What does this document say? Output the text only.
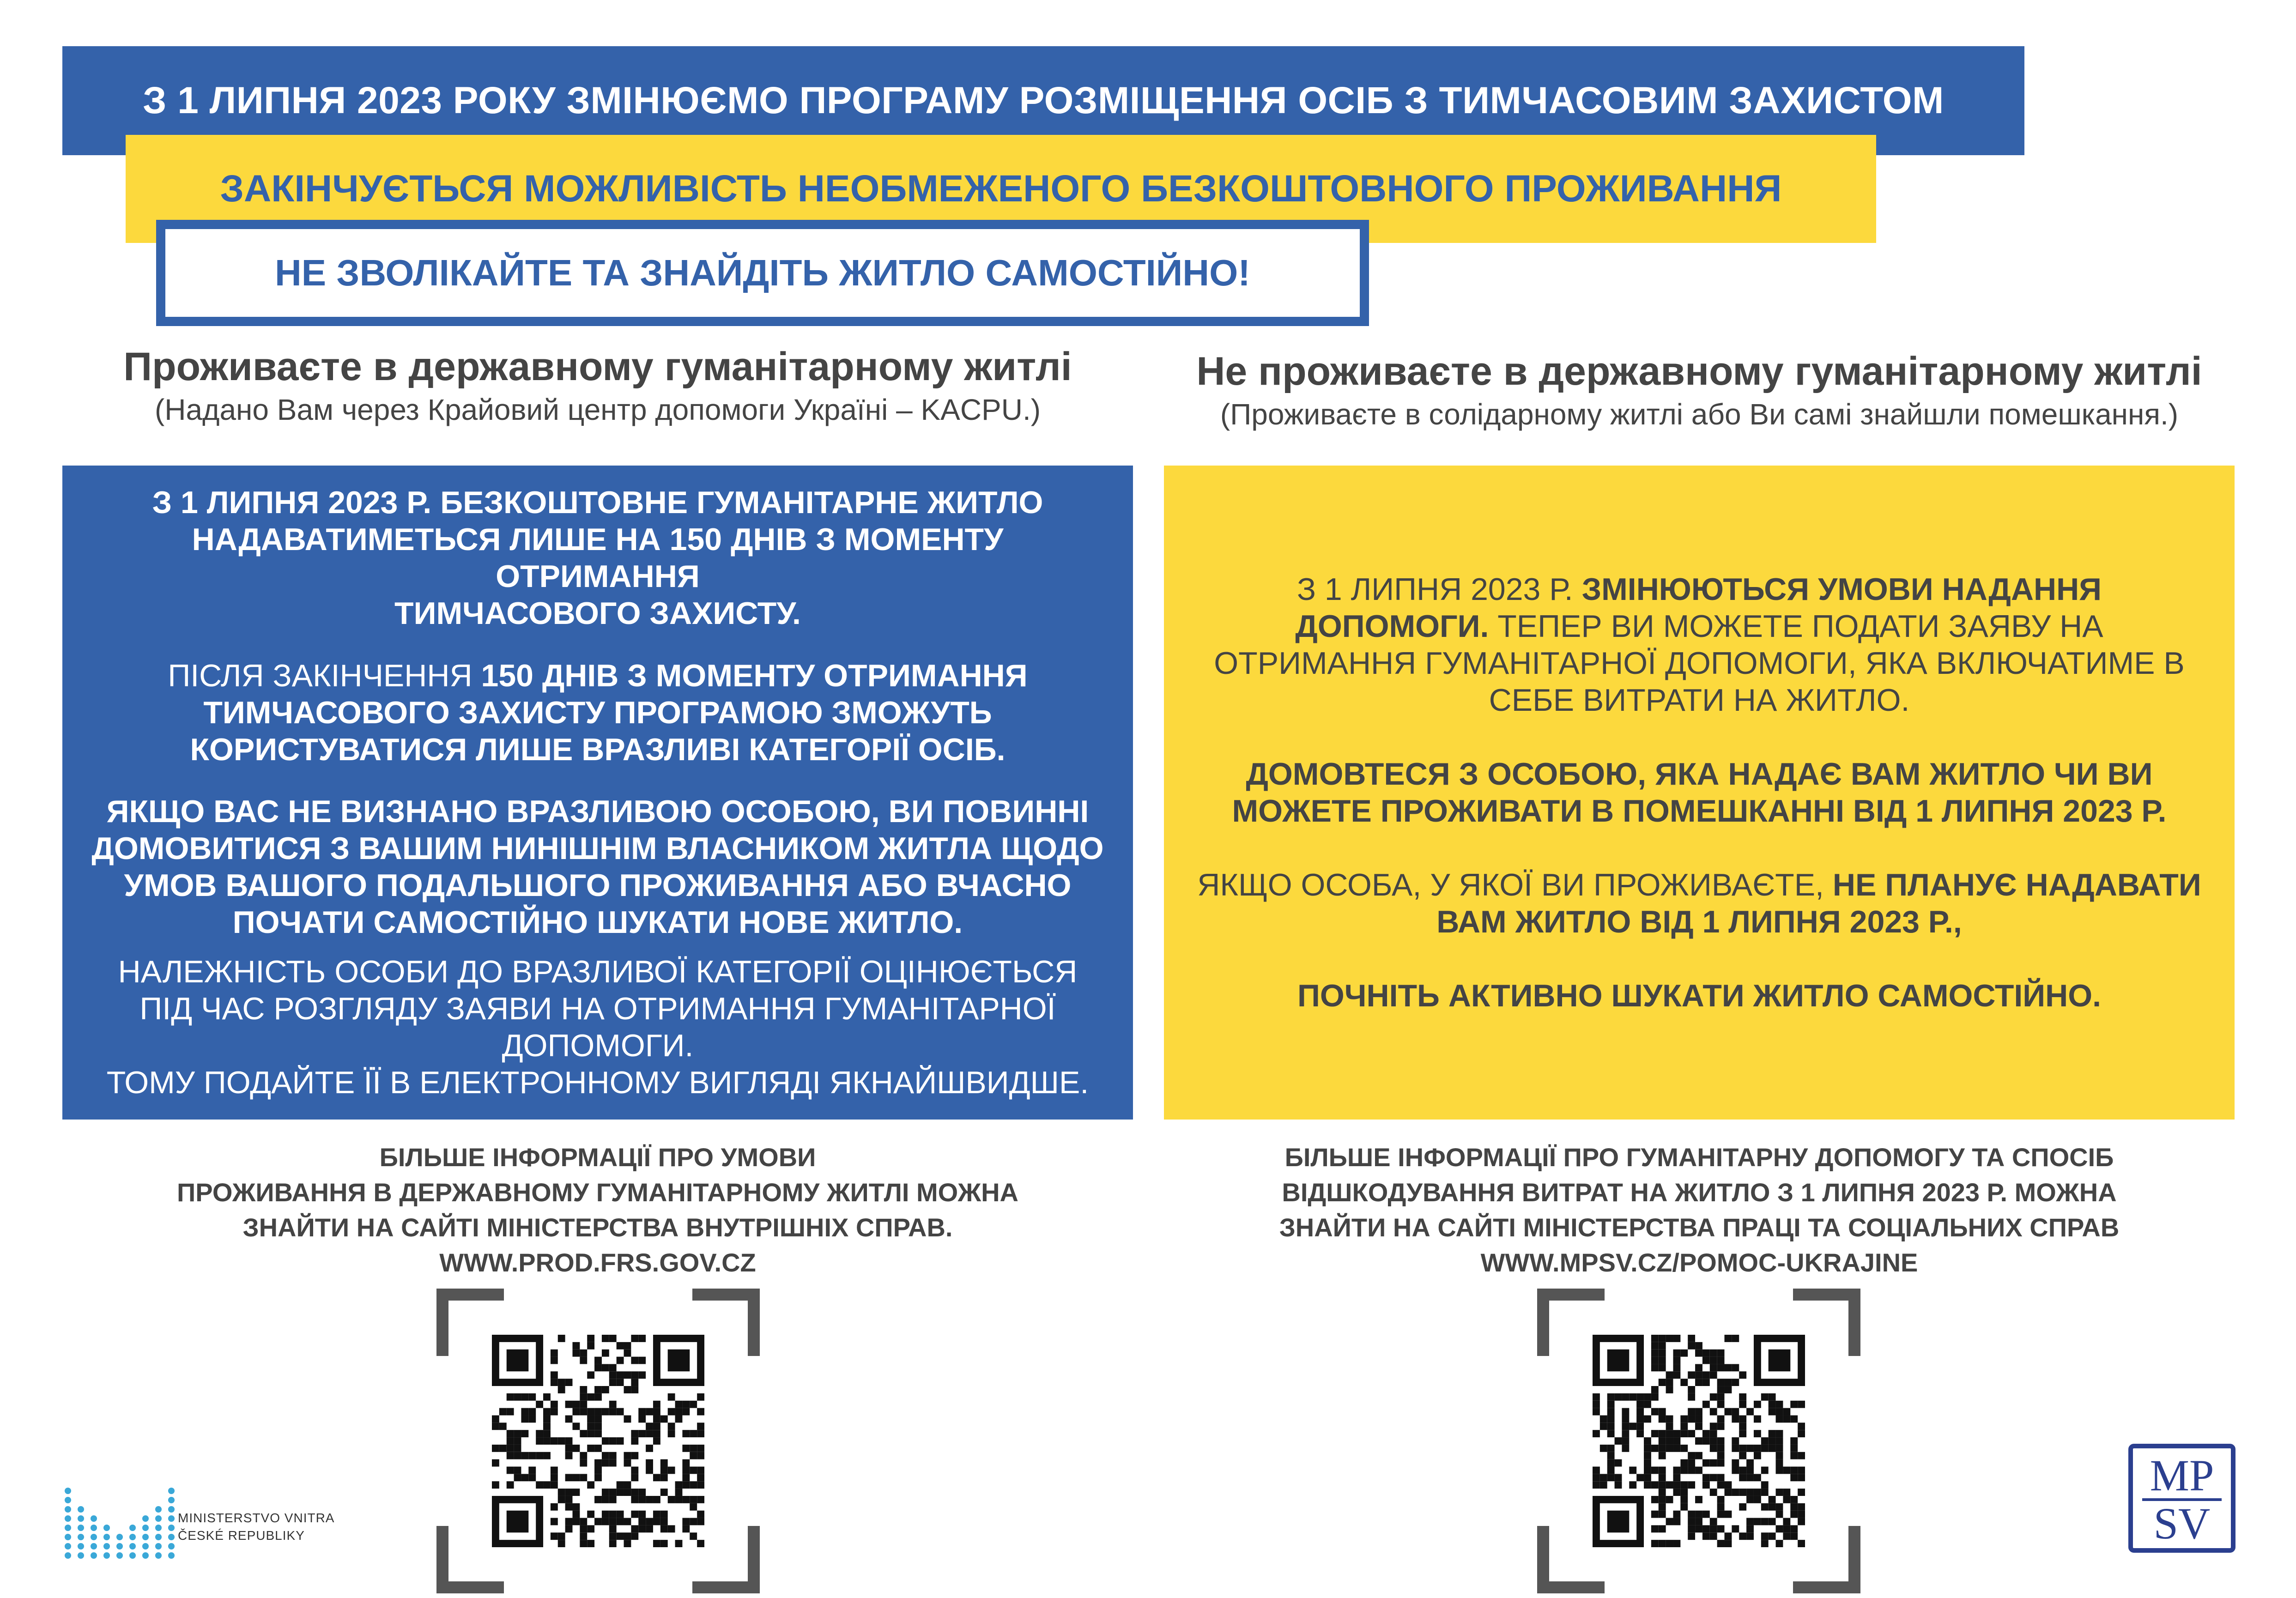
З 1 ЛИПНЯ 2023 РОКУ ЗМІНЮЄМО ПРОГРАМУ РОЗМІЩЕННЯ ОСІБ З ТИМЧАСОВИМ ЗАХИСТОМ
ЗАКІНЧУЄТЬСЯ МОЖЛИВІСТЬ НЕОБМЕЖЕНОГО БЕЗКОШТОВНОГО ПРОЖИВАННЯ
НЕ ЗВОЛІКАЙТЕ ТА ЗНАЙДІТЬ ЖИТЛО САМОСТІЙНО!
Проживаєте в державному гуманітарному житлі
(Надано Вам через Крайовий центр допомоги Україні – KACPU.)
Не проживаєте в державному гуманітарному житлі
(Проживаєте в солідарному житлі або Ви самі знайшли помешкання.)

З 1 ЛИПНЯ 2023 Р. БЕЗКОШТОВНЕ ГУМАНІТАРНЕ ЖИТЛО
НАДАВАТИМЕТЬСЯ ЛИШЕ НА 150 ДНІВ З МОМЕНТУ ОТРИМАННЯ
ТИМЧАСОВОГО ЗАХИСТУ.

ПІСЛЯ ЗАКІНЧЕННЯ 150 ДНІВ З МОМЕНТУ ОТРИМАННЯ
ТИМЧАСОВОГО ЗАХИСТУ ПРОГРАМОЮ ЗМОЖУТЬ
КОРИСТУВАТИСЯ ЛИШЕ ВРАЗЛИВІ КАТЕГОРІЇ ОСІБ.

ЯКЩО ВАС НЕ ВИЗНАНО ВРАЗЛИВОЮ ОСОБОЮ, ВИ ПОВИННІ
ДОМОВИТИСЯ З ВАШИМ НИНІШНІМ ВЛАСНИКОМ ЖИТЛА ЩОДО
УМОВ ВАШОГО ПОДАЛЬШОГО ПРОЖИВАННЯ АБО ВЧАСНО
ПОЧАТИ САМОСТІЙНО ШУКАТИ НОВЕ ЖИТЛО.

НАЛЕЖНІСТЬ ОСОБИ ДО ВРАЗЛИВОЇ КАТЕГОРІЇ ОЦІНЮЄТЬСЯ
ПІД ЧАС РОЗГЛЯДУ ЗАЯВИ НА ОТРИМАННЯ ГУМАНІТАРНОЇ
ДОПОМОГИ.
ТОМУ ПОДАЙТЕ ЇЇ В ЕЛЕКТРОННОМУ ВИГЛЯДІ ЯКНАЙШВИДШЕ.

З 1 ЛИПНЯ 2023 Р. ЗМІНЮЮТЬСЯ УМОВИ НАДАННЯ
ДОПОМОГИ. ТЕПЕР ВИ МОЖЕТЕ ПОДАТИ ЗАЯВУ НА
ОТРИМАННЯ ГУМАНІТАРНОЇ ДОПОМОГИ, ЯКА ВКЛЮЧАТИМЕ В
СЕБЕ ВИТРАТИ НА ЖИТЛО.

ДОМОВТЕСЯ З ОСОБОЮ, ЯКА НАДАЄ ВАМ ЖИТЛО ЧИ ВИ
МОЖЕТЕ ПРОЖИВАТИ В ПОМЕШКАННІ ВІД 1 ЛИПНЯ 2023 Р.

ЯКЩО ОСОБА, У ЯКОЇ ВИ ПРОЖИВАЄТЕ, НЕ ПЛАНУЄ НАДАВАТИ
ВАМ ЖИТЛО ВІД 1 ЛИПНЯ 2023 Р.,

ПОЧНІТЬ АКТИВНО ШУКАТИ ЖИТЛО САМОСТІЙНО.

БІЛЬШЕ ІНФОРМАЦІЇ ПРО УМОВИ
ПРОЖИВАННЯ В ДЕРЖАВНОМУ ГУМАНІТАРНОМУ ЖИТЛІ МОЖНА
ЗНАЙТИ НА САЙТІ МІНІСТЕРСТВА ВНУТРІШНІХ СПРАВ.
WWW.PROD.FRS.GOV.CZ
БІЛЬШЕ ІНФОРМАЦІЇ ПРО ГУМАНІТАРНУ ДОПОМОГУ ТА СПОСІБ
ВІДШКОДУВАННЯ ВИТРАТ НА ЖИТЛО З 1 ЛИПНЯ 2023 Р. МОЖНА
ЗНАЙТИ НА САЙТІ МІНІСТЕРСТВА ПРАЦІ ТА СОЦІАЛЬНИХ СПРАВ
WWW.MPSV.CZ/POMOC-UKRAJINE
MINISTERSTVO VNITRA
ČESKÉ REPUBLIKY
MP
SV
